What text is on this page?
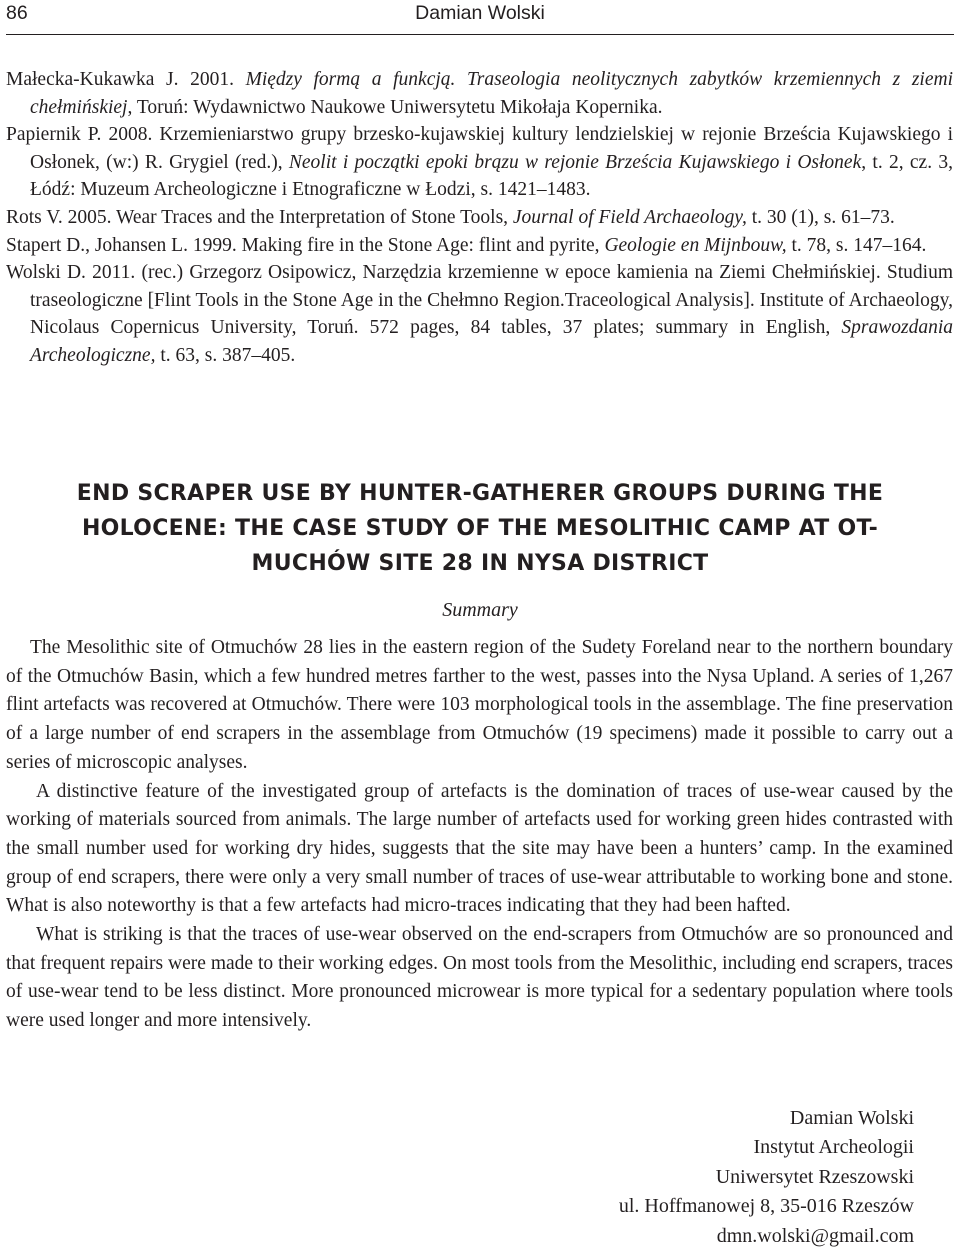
86	Damian Wolski
Małecka-Kukawka J. 2001. Między formą a funkcją. Traseologia neolitycznych zabytków krzemiennych z ziemi chełmińskiej, Toruń: Wydawnictwo Naukowe Uniwersytetu Mikołaja Kopernika.
Papiernik P. 2008. Krzemieniarstwo grupy brzesko-kujawskiej kultury lendzielskiej w rejonie Brześcia Kujawskiego i Osłonek, (w:) R. Grygiel (red.), Neolit i początki epoki brązu w rejonie Brześcia Kujawskiego i Osłonek, t. 2, cz. 3, Łódź: Muzeum Archeologiczne i Etnograficzne w Łodzi, s. 1421–1483.
Rots V. 2005. Wear Traces and the Interpretation of Stone Tools, Journal of Field Archaeology, t. 30 (1), s. 61–73.
Stapert D., Johansen L. 1999. Making fire in the Stone Age: flint and pyrite, Geologie en Mijnbouw, t. 78, s. 147–164.
Wolski D. 2011. (rec.) Grzegorz Osipowicz, Narzędzia krzemienne w epoce kamienia na Ziemi Chełmińskiej. Studium traseologiczne [Flint Tools in the Stone Age in the Chełmno Region.Traceological Analysis]. Institute of Archaeology, Nicolaus Copernicus University, Toruń. 572 pages, 84 tables, 37 plates; summary in English, Sprawozdania Archeologiczne, t. 63, s. 387–405.
END SCRAPER USE BY HUNTER-GATHERER GROUPS DURING THE
HOLOCENE: THE CASE STUDY OF THE MESOLITHIC CAMP AT OT-
MUCHÓW SITE 28 IN NYSA DISTRICT
Summary

The Mesolithic site of Otmuchów 28 lies in the eastern region of the Sudety Foreland near to the northern boundary of the Otmuchów Basin, which a few hundred metres farther to the west, passes into the Nysa Upland. A series of 1,267 flint artefacts was recovered at Otmuchów. There were 103 morphological tools in the assemblage. The fine preservation of a large number of end scrapers in the assemblage from Otmuchów (19 specimens) made it possible to carry out a series of microscopic analyses.

A distinctive feature of the investigated group of artefacts is the domination of traces of use-wear caused by the working of materials sourced from animals. The large number of artefacts used for working green hides contrasted with the small number used for working dry hides, suggests that the site may have been a hunters’ camp. In the examined group of end scrapers, there were only a very small number of traces of use-wear attributable to working bone and stone. What is also noteworthy is that a few artefacts had micro-traces indicating that they had been hafted.

What is striking is that the traces of use-wear observed on the end-scrapers from Otmuchów are so pronounced and that frequent repairs were made to their working edges. On most tools from the Mesolithic, including end scrapers, traces of use-wear tend to be less distinct. More pronounced microwear is more typical for a sedentary population where tools were used longer and more intensively.

Damian Wolski
Instytut Archeologii
Uniwersytet Rzeszowski
ul. Hoffmanowej 8, 35-016 Rzeszów
dmn.wolski@gmail.com
